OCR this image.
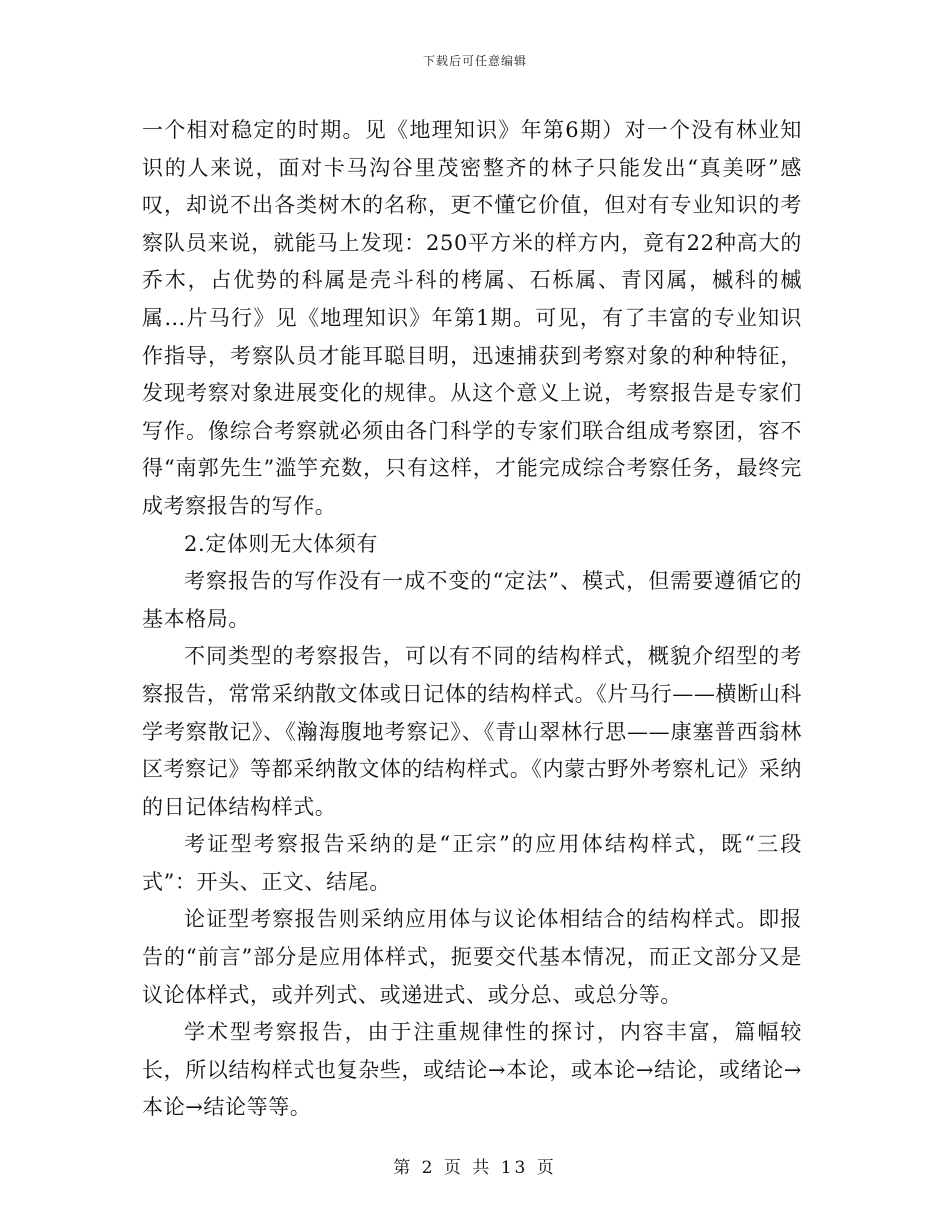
下载后可任意编辑

一个相对稳定的时期。见《地理知识》年第6期）对一个没有林业知识的人来说，面对卡马沟谷里茂密整齐的林子只能发出“真美呀”感叹，却说不出各类树木的名称，更不懂它价值，但对有专业知识的考察队员来说，就能马上发现：250平方米的样方内，竟有22种高大的乔木，占优势的科属是壳斗科的栲属、石栎属、青冈属，槭科的槭属…片马行》见《地理知识》年第1期。可见，有了丰富的专业知识作指导，考察队员才能耳聪目明，迅速捕获到考察对象的种种特征，发现考察对象进展变化的规律。从这个意义上说，考察报告是专家们写作。像综合考察就必须由各门科学的专家们联合组成考察团，容不得“南郭先生”滥竽充数，只有这样，才能完成综合考察任务，最终完成考察报告的写作。

2.定体则无大体须有

考察报告的写作没有一成不变的“定法”、模式，但需要遵循它的基本格局。

不同类型的考察报告，可以有不同的结构样式，概貌介绍型的考察报告，常常采纳散文体或日记体的结构样式。《片马行——横断山科学考察散记》、《瀚海腹地考察记》、《青山翠林行思——康塞普西翁林区考察记》等都采纳散文体的结构样式。《内蒙古野外考察札记》采纳的日记体结构样式。

考证型考察报告采纳的是“正宗”的应用体结构样式，既“三段式”：开头、正文、结尾。

论证型考察报告则采纳应用体与议论体相结合的结构样式。即报告的“前言”部分是应用体样式，扼要交代基本情况，而正文部分又是议论体样式，或并列式、或递进式、或分总、或总分等。

学术型考察报告，由于注重规律性的探讨，内容丰富，篇幅较长，所以结构样式也复杂些，或结论→本论，或本论→结论，或绪论→本论→结论等等。

第 2 页 共 13 页
